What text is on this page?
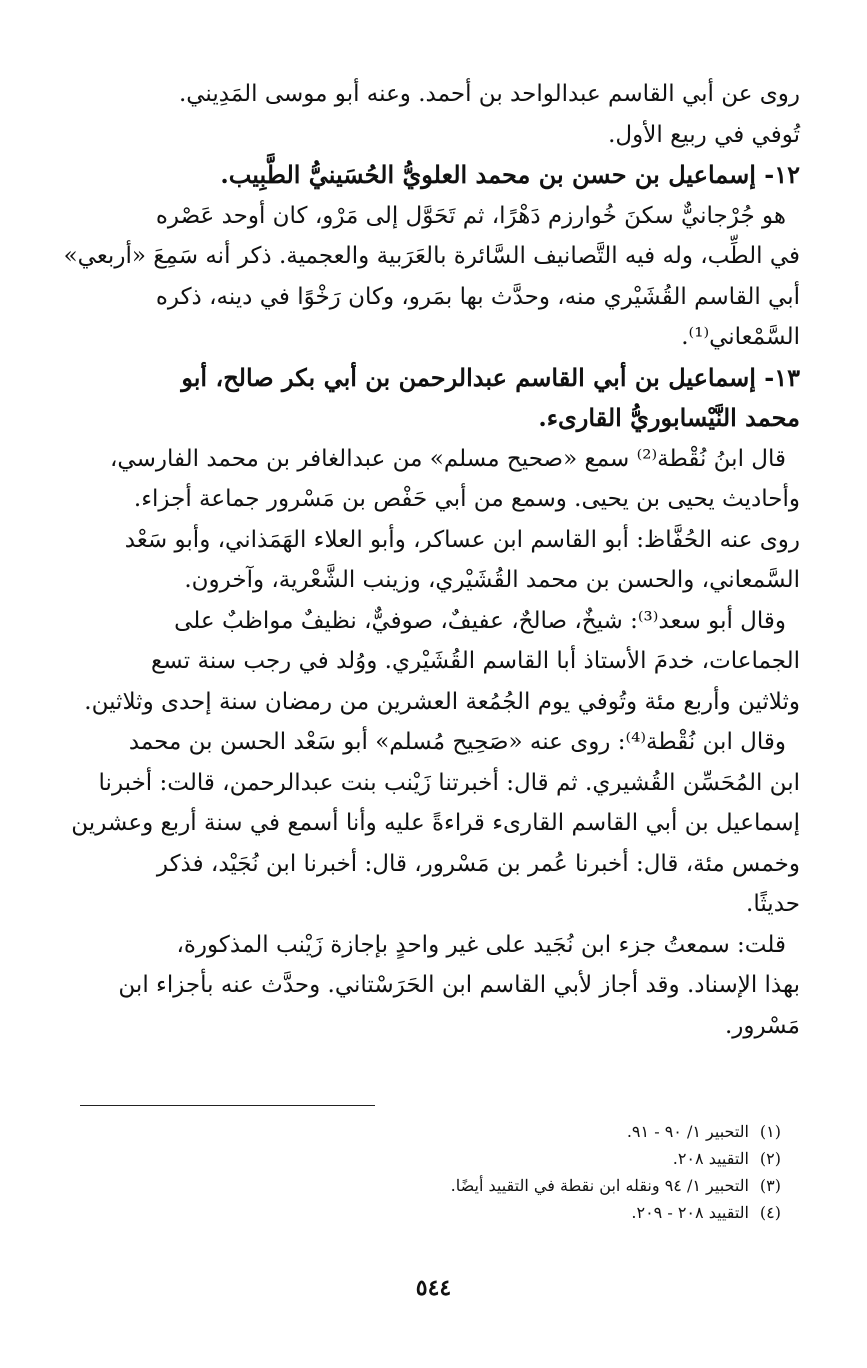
روى عن أبي القاسم عبدالواحد بن أحمد. وعنه أبو موسى المَدِيني.
تُوفي في ربيع الأول.
١٢- إسماعيل بن حسن بن محمد العلويُّ الحُسَينيُّ الطَّبِيب.
هو جُرْجانيٌّ سكنَ خُوارزم دَهْرًا، ثم تَحَوَّل إلى مَرْو، كان أوحد عَصْره
في الطِّب، وله فيه التَّصانيف السَّائرة بالعَرَبية والعجمية. ذكر أنه سَمِعَ «أربعي»
أبي القاسم القُشَيْري منه، وحدَّث بها بمَرو، وكان رَخْوًا في دينه، ذكره
السَّمْعاني⁽¹⁾.
١٣- إسماعيل بن أبي القاسم عبدالرحمن بن أبي بكر صالح، أبو
محمد النَّيْسابوريُّ القارىء.
قال ابنُ نُقْطة⁽²⁾ سمع «صحيح مسلم» من عبدالغافر بن محمد الفارسي،
وأحاديث يحيى بن يحيى. وسمع من أبي حَفْص بن مَسْرور جماعة أجزاء.
روى عنه الحُفَّاظ: أبو القاسم ابن عساكر، وأبو العلاء الهَمَذاني، وأبو سَعْد
السَّمعاني، والحسن بن محمد القُشَيْري، وزينب الشَّعْرية، وآخرون.
وقال أبو سعد⁽³⁾: شيخٌ، صالحٌ، عفيفٌ، صوفيٌّ، نظيفٌ مواظبٌ على
الجماعات، خدمَ الأستاذ أبا القاسم القُشَيْري. ووُلد في رجب سنة تسع
وثلاثين وأربع مئة وتُوفي يوم الجُمُعة العشرين من رمضان سنة إحدى وثلاثين.
وقال ابن نُقْطة⁽⁴⁾: روى عنه «صَحِيح مُسلم» أبو سَعْد الحسن بن محمد
ابن المُحَسِّن القُشيري. ثم قال: أخبرتنا زَيْنب بنت عبدالرحمن، قالت: أخبرنا
إسماعيل بن أبي القاسم القارىء قراءةً عليه وأنا أسمع في سنة أربع وعشرين
وخمس مئة، قال: أخبرنا عُمر بن مَسْرور، قال: أخبرنا ابن نُجَيْد، فذكر
حديثًا.
قلت: سمعتُ جزء ابن نُجَيد على غير واحدٍ بإجازة زَيْنب المذكورة،
بهذا الإسناد. وقد أجاز لأبي القاسم ابن الحَرَسْتاني. وحدَّث عنه بأجزاء ابن
مَسْرور.
(١)التحبير ١/ ٩٠ - ٩١.
(٢)التقييد ٢٠٨.
(٣)التحبير ١/ ٩٤ ونقله ابن نقطة في التقييد أيضًا.
(٤)التقييد ٢٠٨ - ٢٠٩.
٥٤٤
